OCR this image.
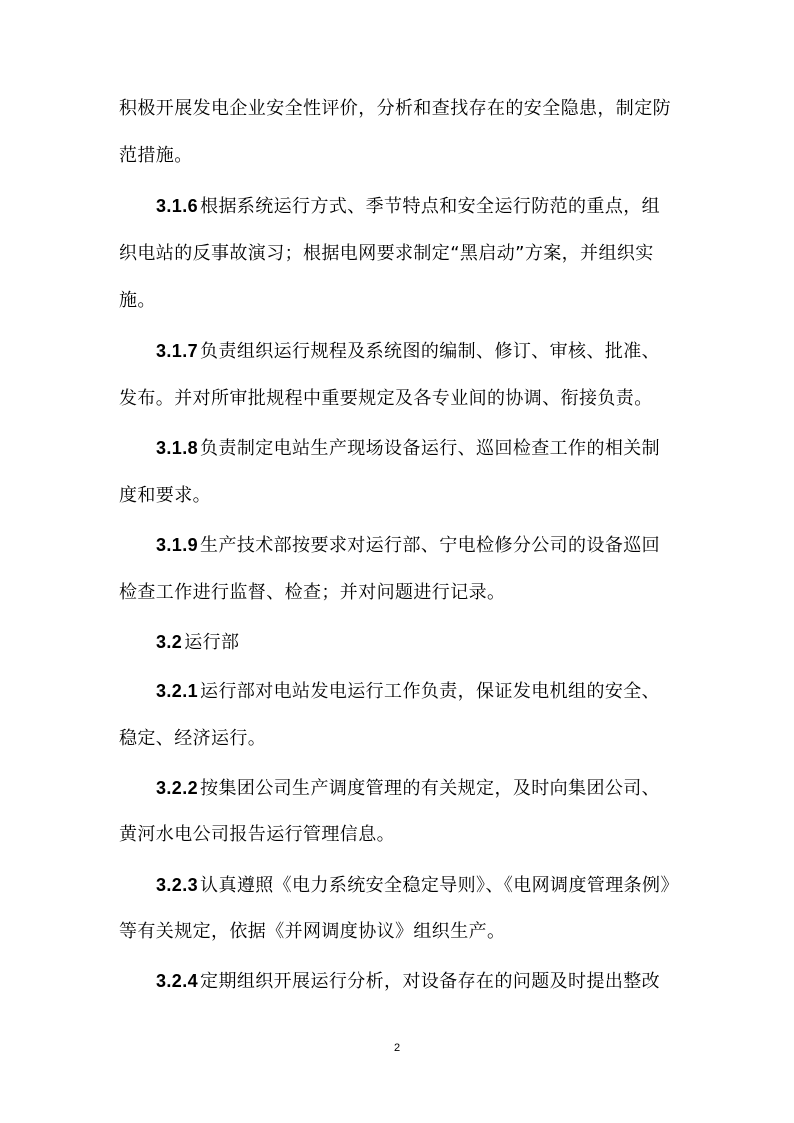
积极开展发电企业安全性评价，分析和查找存在的安全隐患，制定防
范措施。
3.1.6 根据系统运行方式、季节特点和安全运行防范的重点，组
织电站的反事故演习；根据电网要求制定“黑启动”方案，并组织实
施。
3.1.7 负责组织运行规程及系统图的编制、修订、审核、批准、
发布。并对所审批规程中重要规定及各专业间的协调、衔接负责。
3.1.8 负责制定电站生产现场设备运行、巡回检查工作的相关制
度和要求。
3.1.9 生产技术部按要求对运行部、宁电检修分公司的设备巡回
检查工作进行监督、检查；并对问题进行记录。
3.2 运行部
3.2.1 运行部对电站发电运行工作负责，保证发电机组的安全、
稳定、经济运行。
3.2.2 按集团公司生产调度管理的有关规定，及时向集团公司、
黄河水电公司报告运行管理信息。
3.2.3 认真遵照《电力系统安全稳定导则》、《电网调度管理条例》
等有关规定，依据《并网调度协议》组织生产。
3.2.4 定期组织开展运行分析，对设备存在的问题及时提出整改
2
